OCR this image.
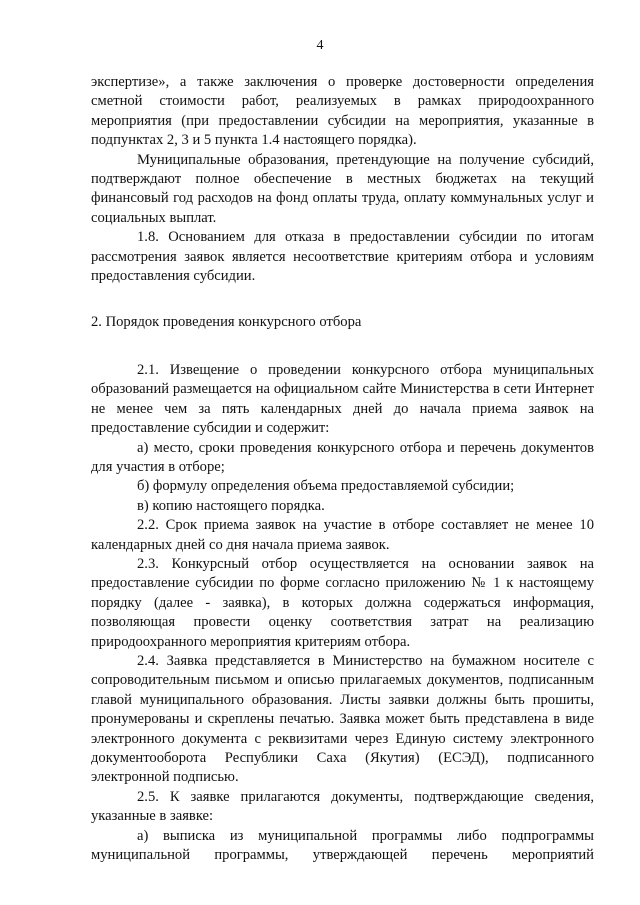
4

экспертизе», а также заключения о проверке достоверности определения сметной стоимости работ, реализуемых в рамках природоохранного мероприятия (при предоставлении субсидии на мероприятия, указанные в подпунктах 2, 3 и 5 пункта 1.4 настоящего порядка).

Муниципальные образования, претендующие на получение субсидий, подтверждают полное обеспечение в местных бюджетах на текущий финансовый год расходов на фонд оплаты труда, оплату коммунальных услуг и социальных выплат.

1.8. Основанием для отказа в предоставлении субсидии по итогам рассмотрения заявок является несоответствие критериям отбора и условиям предоставления субсидии.

2. Порядок проведения конкурсного отбора

2.1. Извещение о проведении конкурсного отбора муниципальных образований размещается на официальном сайте Министерства в сети Интернет не менее чем за пять календарных дней до начала приема заявок на предоставление субсидии и содержит:

а) место, сроки проведения конкурсного отбора и перечень документов для участия в отборе;

б) формулу определения объема предоставляемой субсидии;

в) копию настоящего порядка.

2.2. Срок приема заявок на участие в отборе составляет не менее 10 календарных дней со дня начала приема заявок.

2.3. Конкурсный отбор осуществляется на основании заявок на предоставление субсидии по форме согласно приложению № 1 к настоящему порядку (далее - заявка), в которых должна содержаться информация, позволяющая провести оценку соответствия затрат на реализацию природоохранного мероприятия критериям отбора.

2.4. Заявка представляется в Министерство на бумажном носителе с сопроводительным письмом и описью прилагаемых документов, подписанным главой муниципального образования. Листы заявки должны быть прошиты, пронумерованы и скреплены печатью. Заявка может быть представлена в виде электронного документа с реквизитами через Единую систему электронного документооборота Республики Саха (Якутия) (ЕСЭД), подписанного электронной подписью.

2.5. К заявке прилагаются документы, подтверждающие сведения, указанные в заявке:

а) выписка из муниципальной программы либо подпрограммы муниципальной программы, утверждающей перечень мероприятий
